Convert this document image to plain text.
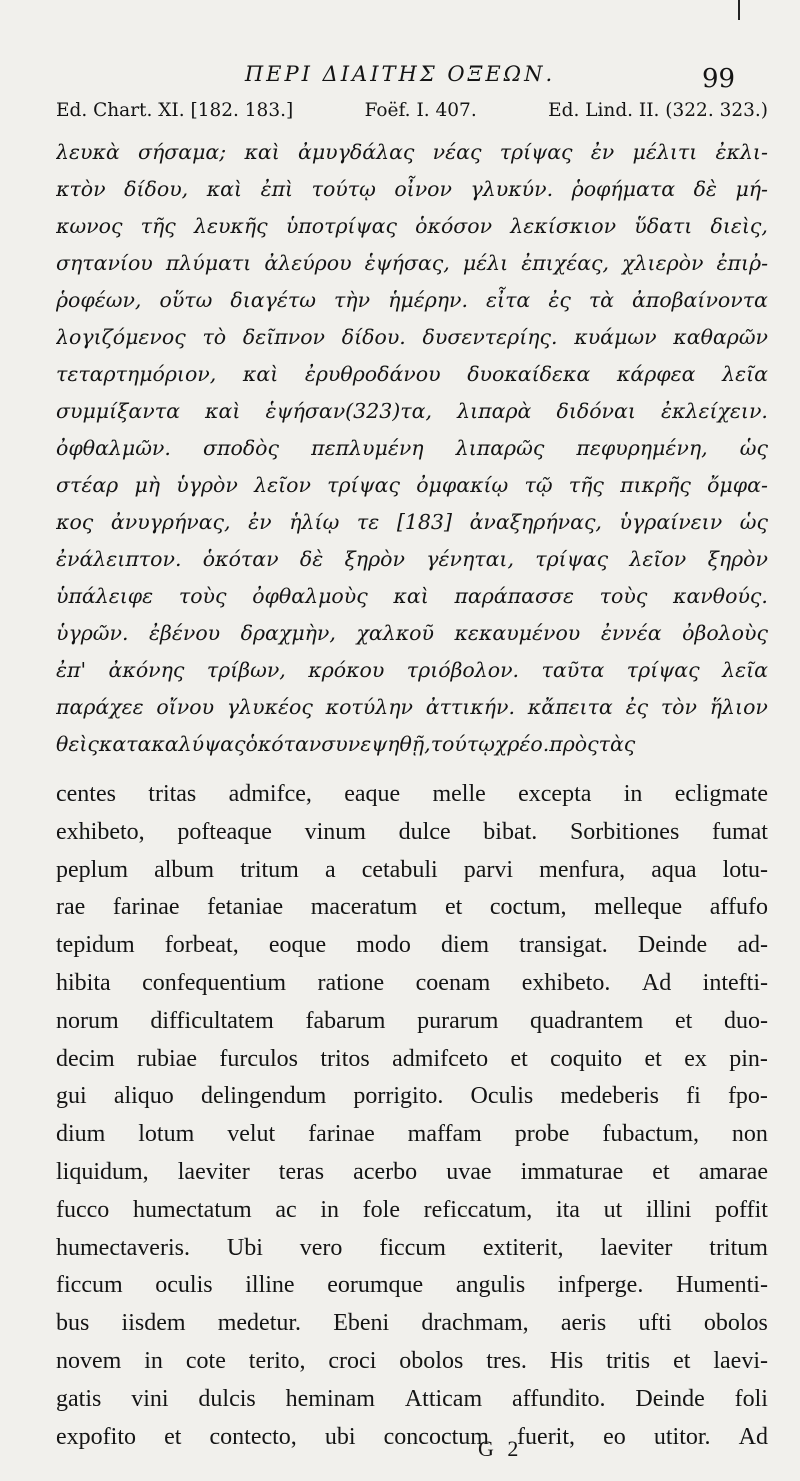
ΠΕΡΙ ΔΙΑΙΤΗΣ ΟΞΕΩΝ.	99
Ed. Chart. XI. [182. 183.]	Foëf. I. 407.	Ed. Lind. II. (322. 323.)
λευκὰ σήσαμα; καὶ ἀμυγδάλας νέας τρίψας ἐν μέλιτι ἐκλι-
κτὸν δίδου, καὶ ἐπὶ τούτῳ οἶνον γλυκύν. ῥοφήματα δὲ μή-
κωνος τῆς λευκῆς ὑποτρίψας ὁκόσον λεκίσκιον ὕδατι διεὶς,
σητανίου πλύματι ἀλεύρου ἑψήσας, μέλι ἐπιχέας, χλιερὸν ἐπιῤ-
ῥοφέων, οὕτω διαγέτω τὴν ἡμέρην. εἶτα ἐς τὰ ἀποβαίνοντα
λογιζόμενος τὸ δεῖπνον δίδου. δυσεντερίης. κυάμων καθαρῶν
τεταρτημόριον, καὶ ἐρυθροδάνου δυοκαίδεκα κάρφεα λεῖα
συμμίξαντα καὶ ἑψήσαν(323)τα, λιπαρὰ διδόναι ἐκλείχειν.
ὀφθαλμῶν. σποδὸς πεπλυμένη λιπαρῶς πεφυρημένη, ὡς
στέαρ μὴ ὑγρὸν λεῖον τρίψας ὀμφακίῳ τῷ τῆς πικρῆς ὄμφα-
κος ἀνυγρήνας, ἐν ἡλίῳ τε [183] ἀναξηρήνας, ὑγραίνειν ὡς
ἐνάλειπτον. ὁκόταν δὲ ξηρὸν γένηται, τρίψας λεῖον ξηρὸν
ὑπάλειφε τοὺς ὀφθαλμοὺς καὶ παράπασσε τοὺς κανθούς.
ὑγρῶν. ἐβένου δραχμὴν, χαλκοῦ κεκαυμένου ἐννέα ὀβολοὺς
ἐπ' ἀκόνης τρίβων, κρόκου τριόβολον. ταῦτα τρίψας λεῖα
παράχεε οἴνου γλυκέος κοτύλην ἀττικήν. κἄπειτα ἐς τὸν ἥλιον
θεὶς κατακαλύψας ὁκόταν συνεψηθῇ, τούτῳ χρέο. πρὸς τὰς
centes tritas admifce, eaque melle excepta in ecligmate
exhibeto, pofteaque vinum dulce bibat. Sorbitiones fumat
peplum album tritum a cetabuli parvi menfura, aqua lotu-
rae farinae fetaniae maceratum et coctum, melleque affufo
tepidum forbeat, eoque modo diem transigat. Deinde ad-
hibita confequentium ratione coenam exhibeto. Ad intefti-
norum difficultatem fabarum purarum quadrantem et duo-
decim rubiae furculos tritos admifceto et coquito et ex pin-
gui aliquo delingendum porrigito. Oculis medeberis fi fpo-
dium lotum velut farinae maffam probe fubactum, non
liquidum, laeviter teras acerbo uvae immaturae et amarae
fucco humectatum ac in fole reficcatum, ita ut illini poffit
humectaveris. Ubi vero ficcum extiterit, laeviter tritum
ficcum oculis illine eorumque angulis infperge. Humenti-
bus iisdem medetur. Ebeni drachmam, aeris ufti obolos
novem in cote terito, croci obolos tres. His tritis et laevi-
gatis vini dulcis heminam Atticam affundito. Deinde foli
expofito et contecto, ubi concoctum fuerit, eo utitor. Ad
G 2
